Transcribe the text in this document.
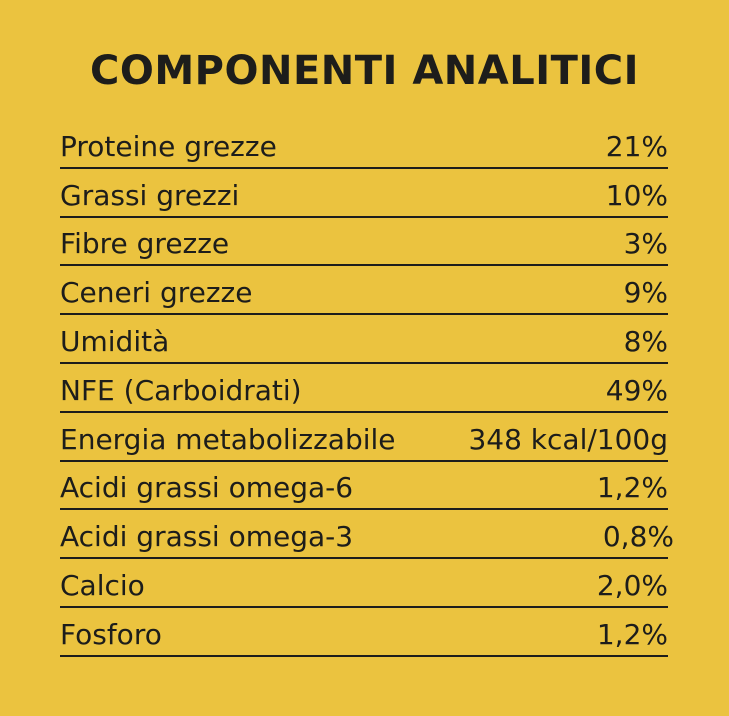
COMPONENTI ANALITICI
Proteine grezze	21%
Grassi grezzi	10%
Fibre grezze	3%
Ceneri grezze	9%
Umidità	8%
NFE (Carboidrati)	49%
Energia metabolizzabile	348 kcal/100g
Acidi grassi omega-6	1,2%
Acidi grassi omega-3	0,8%
Calcio	2,0%
Fosforo	1,2%
